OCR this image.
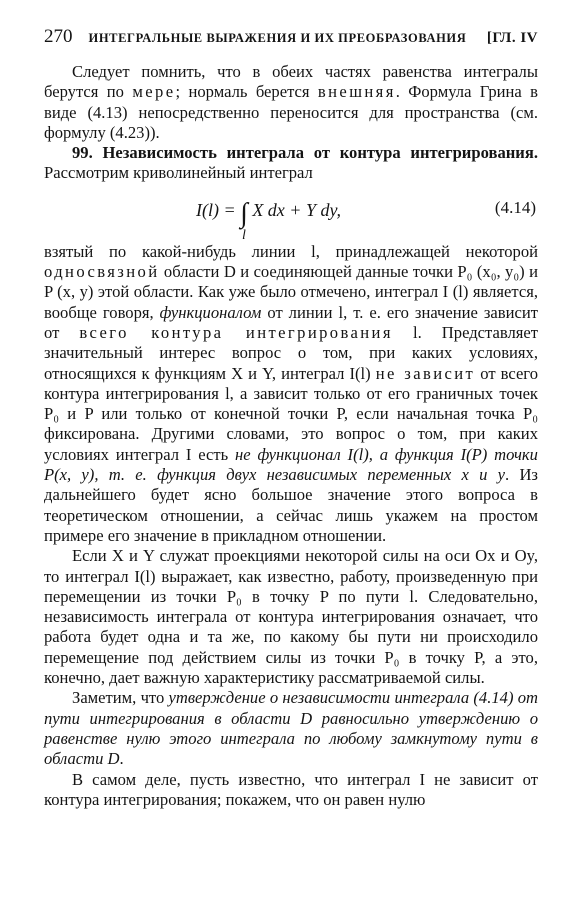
270 ИНТЕГРАЛЬНЫЕ ВЫРАЖЕНИЯ И ИХ ПРЕОБРАЗОВАНИЯ	[ГЛ. IV

Следует помнить, что в обеих частях равенства интегралы берутся по мере; нормаль берется внешняя. Формула Грина в виде (4.13) непосредственно переносится для пространства (см. формулу (4.23)).

99. Независимость интеграла от контура интегрирования. Рассмотрим криволинейный интеграл

I(l) = ∫ X dx + Y dy,
l
(4.14)

взятый по какой-нибудь линии l, принадлежащей некоторой односвязной области D и соединяющей данные точки P₀ (x₀, y₀) и P (x, y) этой области. Как уже было отмечено, интеграл I (l) является, вообще говоря, функционалом от линии l, т. е. его значение зависит от всего контура интегрирования l. Представляет значительный интерес вопрос о том, при каких условиях, относящихся к функциям X и Y, интеграл I(l) не зависит от всего контура интегрирования l, а зависит только от его граничных точек P₀ и P или только от конечной точки P, если начальная точка P₀ фиксирована. Другими словами, это вопрос о том, при каких условиях интеграл I есть не функционал I(l), а функция I(P) точки P(x, y), т. е. функция двух независимых переменных x и y. Из дальнейшего будет ясно большое значение этого вопроса в теоретическом отношении, а сейчас лишь укажем на простом примере его значение в прикладном отношении.

Если X и Y служат проекциями некоторой силы на оси Ox и Oy, то интеграл I(l) выражает, как известно, работу, произведенную при перемещении из точки P₀ в точку P по пути l. Следовательно, независимость интеграла от контура интегрирования означает, что работа будет одна и та же, по какому бы пути ни происходило перемещение под действием силы из точки P₀ в точку P, а это, конечно, дает важную характеристику рассматриваемой силы.

Заметим, что утверждение о независимости интеграла (4.14) от пути интегрирования в области D равносильно утверждению о равенстве нулю этого интеграла по любому замкнутому пути в области D.

В самом деле, пусть известно, что интеграл I не зависит от контура интегрирования; покажем, что он равен нулю
